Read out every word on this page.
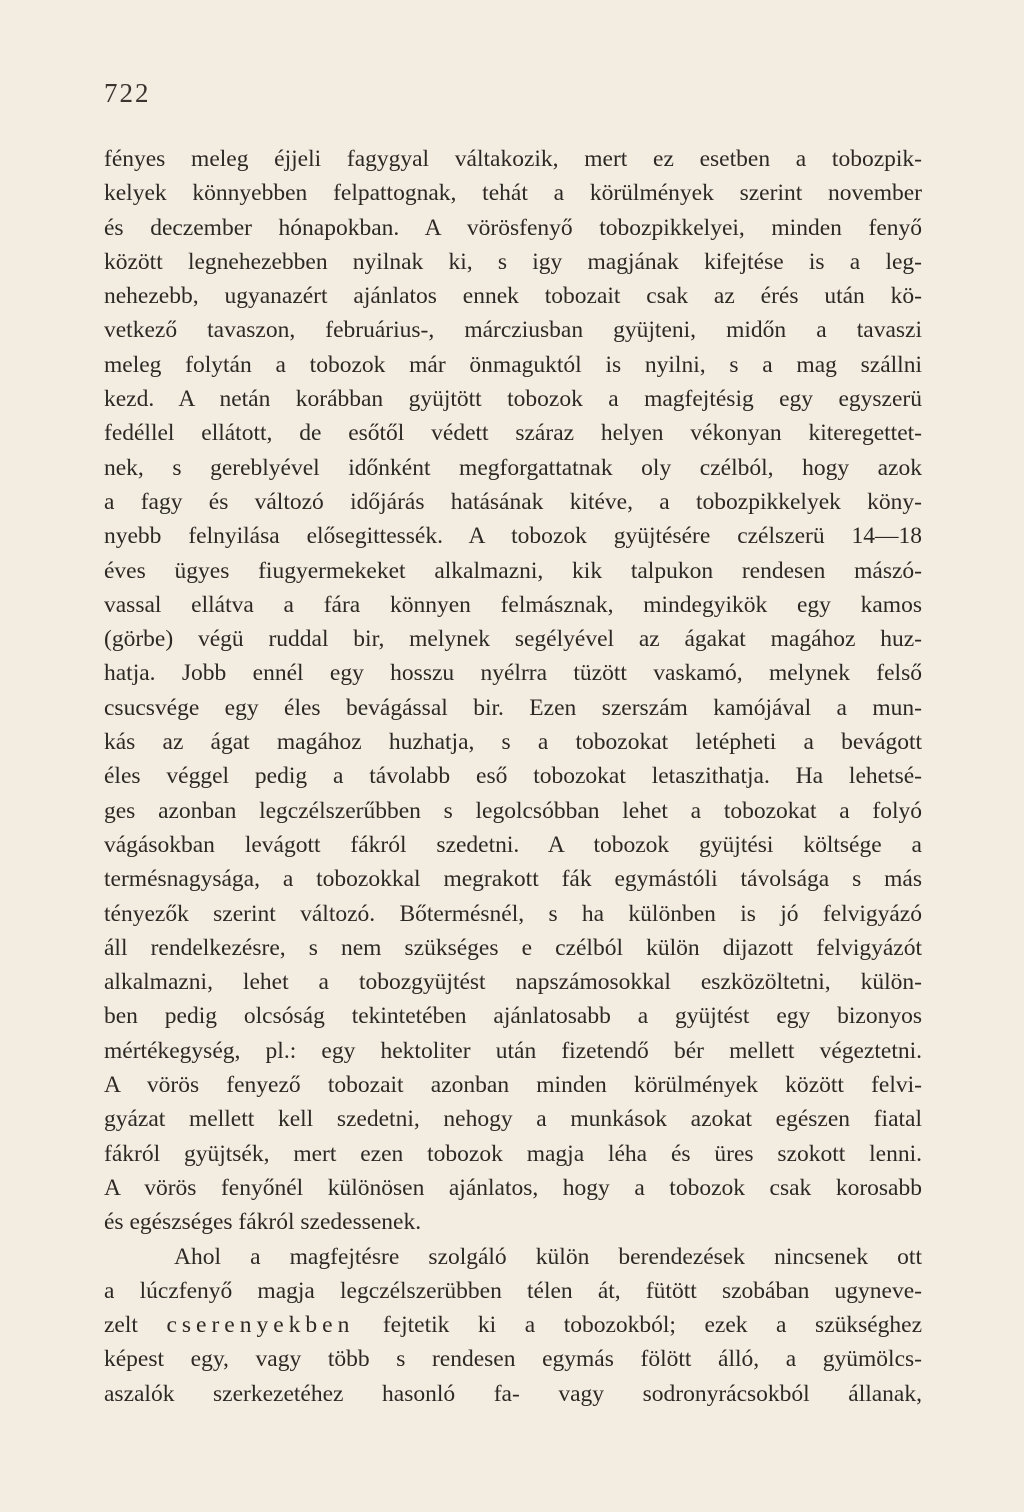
722
fényes meleg éjjeli fagygyal váltakozik, mert ez esetben a tobozpik-
kelyek könnyebben felpattognak, tehát a körülmények szerint november
és deczember hónapokban. A vörösfenyő tobozpikkelyei, minden fenyő
között legnehezebben nyilnak ki, s igy magjának kifejtése is a leg-
nehezebb, ugyanazért ajánlatos ennek tobozait csak az érés után kö-
vetkező tavaszon, februárius-, márcziusban gyüjteni, midőn a tavaszi
meleg folytán a tobozok már önmaguktól is nyilni, s a mag szállni
kezd. A netán korábban gyüjtött tobozok a magfejtésig egy egyszerü
fedéllel ellátott, de esőtől védett száraz helyen vékonyan kiteregettet-
nek, s gereblyével időnként megforgattatnak oly czélból, hogy azok
a fagy és változó időjárás hatásának kitéve, a tobozpikkelyek köny-
nyebb felnyilása elősegittessék. A tobozok gyüjtésére czélszerü 14—18
éves ügyes fiugyermekeket alkalmazni, kik talpukon rendesen mászó-
vassal ellátva a fára könnyen felmásznak, mindegyikök egy kamos
(görbe) végü ruddal bir, melynek segélyével az ágakat magához huz-
hatja. Jobb ennél egy hosszu nyélrra tüzött vaskamó, melynek felső
csucsvége egy éles bevágással bir. Ezen szerszám kamójával a mun-
kás az ágat magához huzhatja, s a tobozokat letépheti a bevágott
éles véggel pedig a távolabb eső tobozokat letaszithatja. Ha lehetsé-
ges azonban legczélszerűbben s legolcsóbban lehet a tobozokat a folyó
vágásokban levágott fákról szedetni. A tobozok gyüjtési költsége a
termésnagysága, a tobozokkal megrakott fák egymástóli távolsága s más
tényezők szerint változó. Bőtermésnél, s ha különben is jó felvigyázó
áll rendelkezésre, s nem szükséges e czélból külön dijazott felvigyázót
alkalmazni, lehet a tobozgyüjtést napszámosokkal eszközöltetni, külön-
ben pedig olcsóság tekintetében ajánlatosabb a gyüjtést egy bizonyos
mértékegység, pl.: egy hektoliter után fizetendő bér mellett végeztetni.
A vörös fenyező tobozait azonban minden körülmények között felvi-
gyázat mellett kell szedetni, nehogy a munkások azokat egészen fiatal
fákról gyüjtsék, mert ezen tobozok magja léha és üres szokott lenni.
A vörös fenyőnél különösen ajánlatos, hogy a tobozok csak korosabb
és egészséges fákról szedessenek.
Ahol a magfejtésre szolgáló külön berendezések nincsenek ott
a lúczfenyő magja legczélszerübben télen át, fütött szobában ugyneve-
zelt cserenyekben fejtetik ki a tobozokból; ezek a szükséghez
képest egy, vagy több s rendesen egymás fölött álló, a gyümölcs-
aszalók szerkezetéhez hasonló fa- vagy sodronyrácsokból állanak,
